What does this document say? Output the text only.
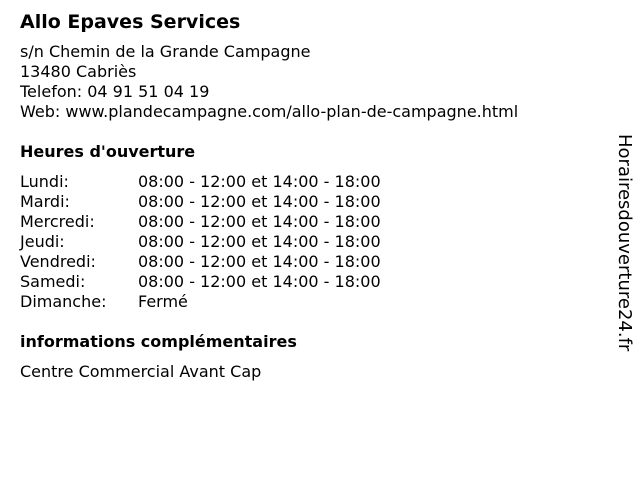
Allo Epaves Services
s/n Chemin de la Grande Campagne
13480 Cabriès
Telefon: 04 91 51 04 19
Web: www.plandecampagne.com/allo-plan-de-campagne.html
Heures d'ouverture
Lundi:	08:00 - 12:00 et 14:00 - 18:00
Mardi:	08:00 - 12:00 et 14:00 - 18:00
Mercredi:	08:00 - 12:00 et 14:00 - 18:00
Jeudi:	08:00 - 12:00 et 14:00 - 18:00
Vendredi:	08:00 - 12:00 et 14:00 - 18:00
Samedi:	08:00 - 12:00 et 14:00 - 18:00
Dimanche:	Fermé
informations complémentaires
Centre Commercial Avant Cap
Horairesdouverture24.fr
